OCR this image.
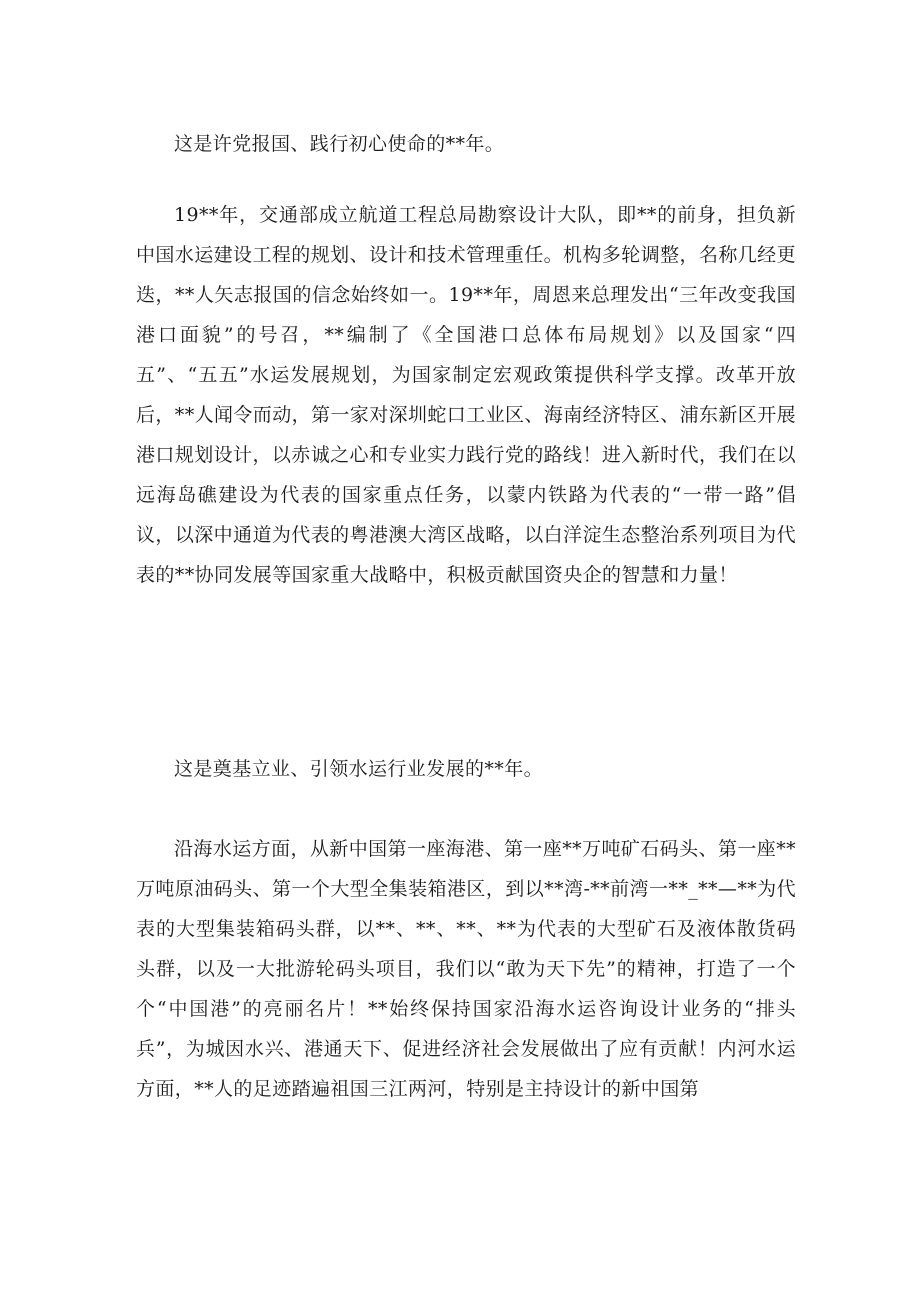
这是许党报国、践行初心使命的**年。

19**年，交通部成立航道工程总局勘察设计大队，即**的前身，担负新中国水运建设工程的规划、设计和技术管理重任。机构多轮调整，名称几经更迭，**人矢志报国的信念始终如一。19**年，周恩来总理发出“三年改变我国港口面貌”的号召，**编制了《全国港口总体布局规划》以及国家“四五”、“五五”水运发展规划，为国家制定宏观政策提供科学支撑。改革开放后，**人闻令而动，第一家对深圳蛇口工业区、海南经济特区、浦东新区开展港口规划设计，以赤诚之心和专业实力践行党的路线！进入新时代，我们在以远海岛礁建设为代表的国家重点任务，以蒙内铁路为代表的“一带一路”倡议，以深中通道为代表的粤港澳大湾区战略，以白洋淀生态整治系列项目为代表的**协同发展等国家重大战略中，积极贡献国资央企的智慧和力量！

这是奠基立业、引领水运行业发展的**年。

沿海水运方面，从新中国第一座海港、第一座**万吨矿石码头、第一座**万吨原油码头、第一个大型全集装箱港区，到以**湾-**前湾一**_**—**为代表的大型集装箱码头群，以**、**、**、**为代表的大型矿石及液体散货码头群，以及一大批游轮码头项目，我们以“敢为天下先”的精神，打造了一个个“中国港”的亮丽名片！**始终保持国家沿海水运咨询设计业务的“排头兵”，为城因水兴、港通天下、促进经济社会发展做出了应有贡献！内河水运方面，**人的足迹踏遍祖国三江两河，特别是主持设计的新中国第
